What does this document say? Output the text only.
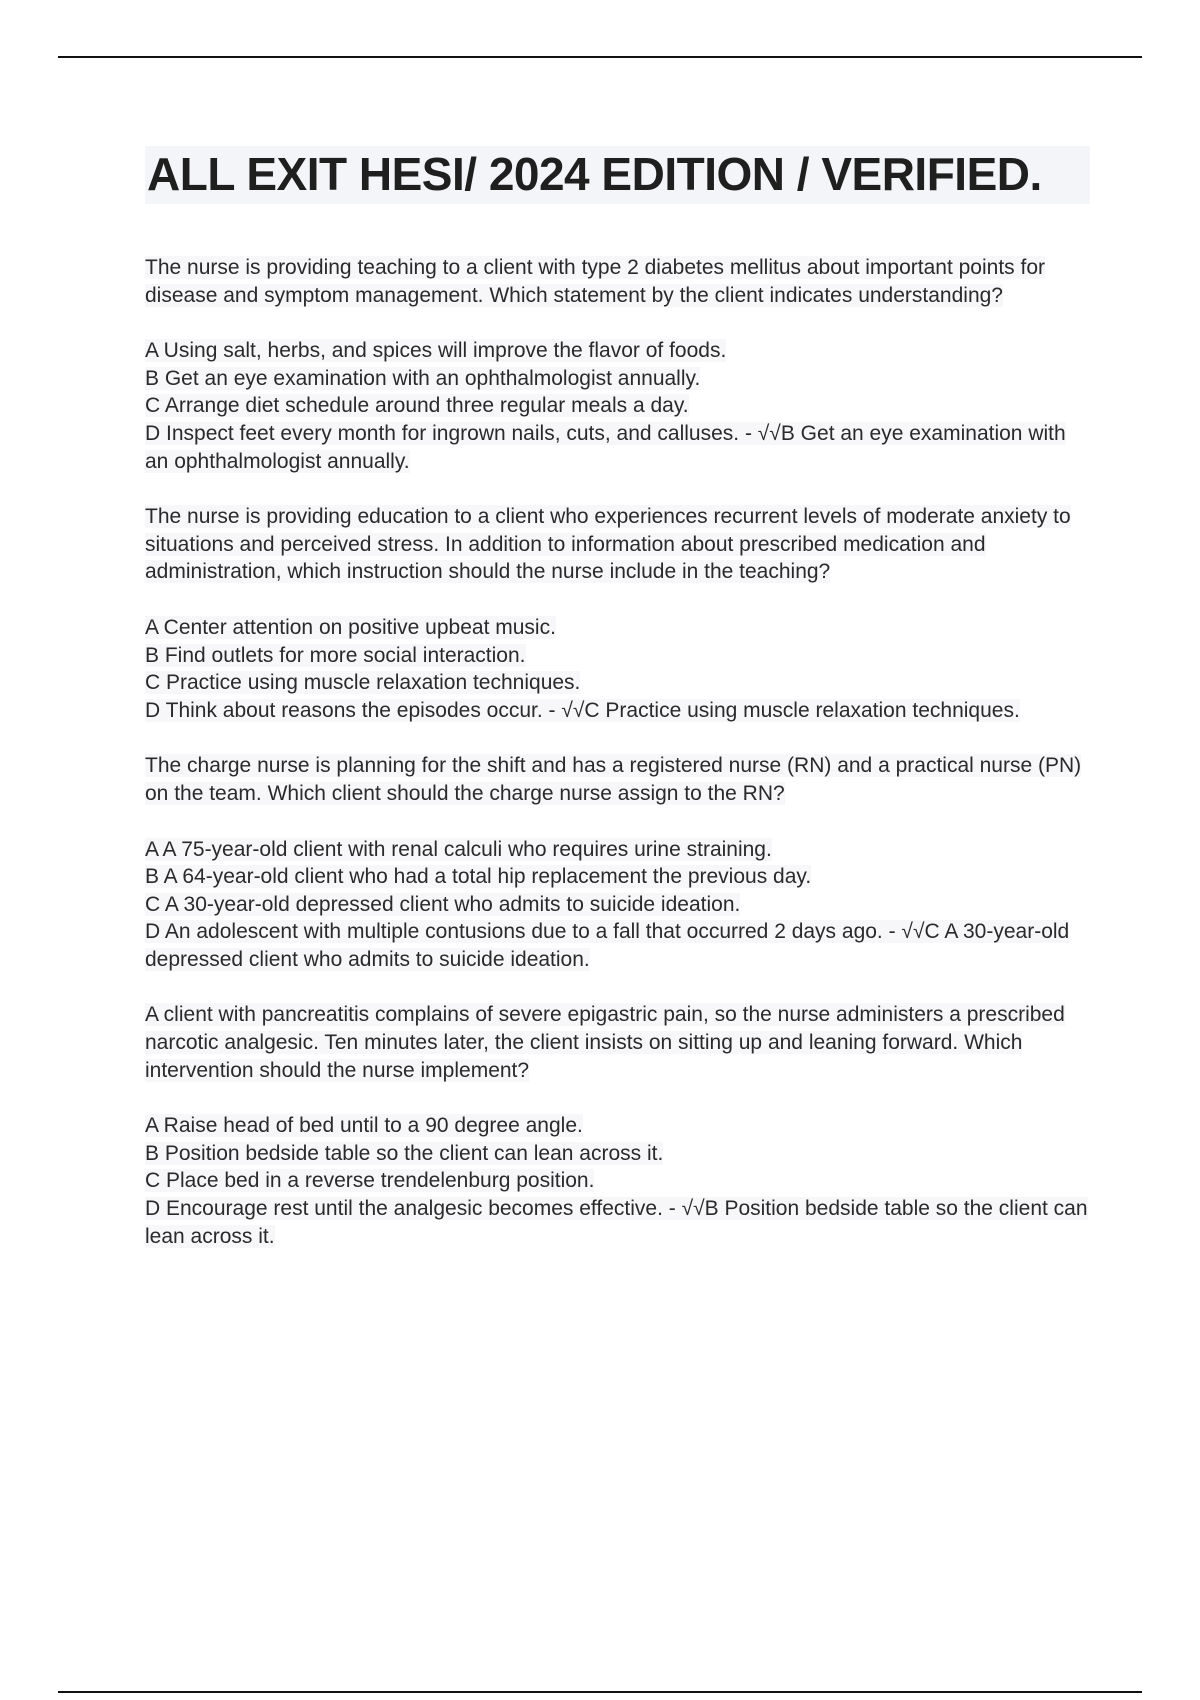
ALL EXIT HESI/ 2024 EDITION / VERIFIED.

The nurse is providing teaching to a client with type 2 diabetes mellitus about important points for disease and symptom management. Which statement by the client indicates understanding?

A Using salt, herbs, and spices will improve the flavor of foods.

B Get an eye examination with an ophthalmologist annually.

C Arrange diet schedule around three regular meals a day.

D Inspect feet every month for ingrown nails, cuts, and calluses. - √√B Get an eye examination with an ophthalmologist annually.

The nurse is providing education to a client who experiences recurrent levels of moderate anxiety to situations and perceived stress. In addition to information about prescribed medication and administration, which instruction should the nurse include in the teaching?

A Center attention on positive upbeat music.

B Find outlets for more social interaction.

C Practice using muscle relaxation techniques.

D Think about reasons the episodes occur. - √√C Practice using muscle relaxation techniques.

The charge nurse is planning for the shift and has a registered nurse (RN) and a practical nurse (PN) on the team. Which client should the charge nurse assign to the RN?

A A 75-year-old client with renal calculi who requires urine straining.

B A 64-year-old client who had a total hip replacement the previous day.

C A 30-year-old depressed client who admits to suicide ideation.

D An adolescent with multiple contusions due to a fall that occurred 2 days ago. - √√C A 30-year-old depressed client who admits to suicide ideation.

A client with pancreatitis complains of severe epigastric pain, so the nurse administers a prescribed narcotic analgesic. Ten minutes later, the client insists on sitting up and leaning forward. Which intervention should the nurse implement?

A Raise head of bed until to a 90 degree angle.

B Position bedside table so the client can lean across it.

C Place bed in a reverse trendelenburg position.

D Encourage rest until the analgesic becomes effective. - √√B Position bedside table so the client can lean across it.
